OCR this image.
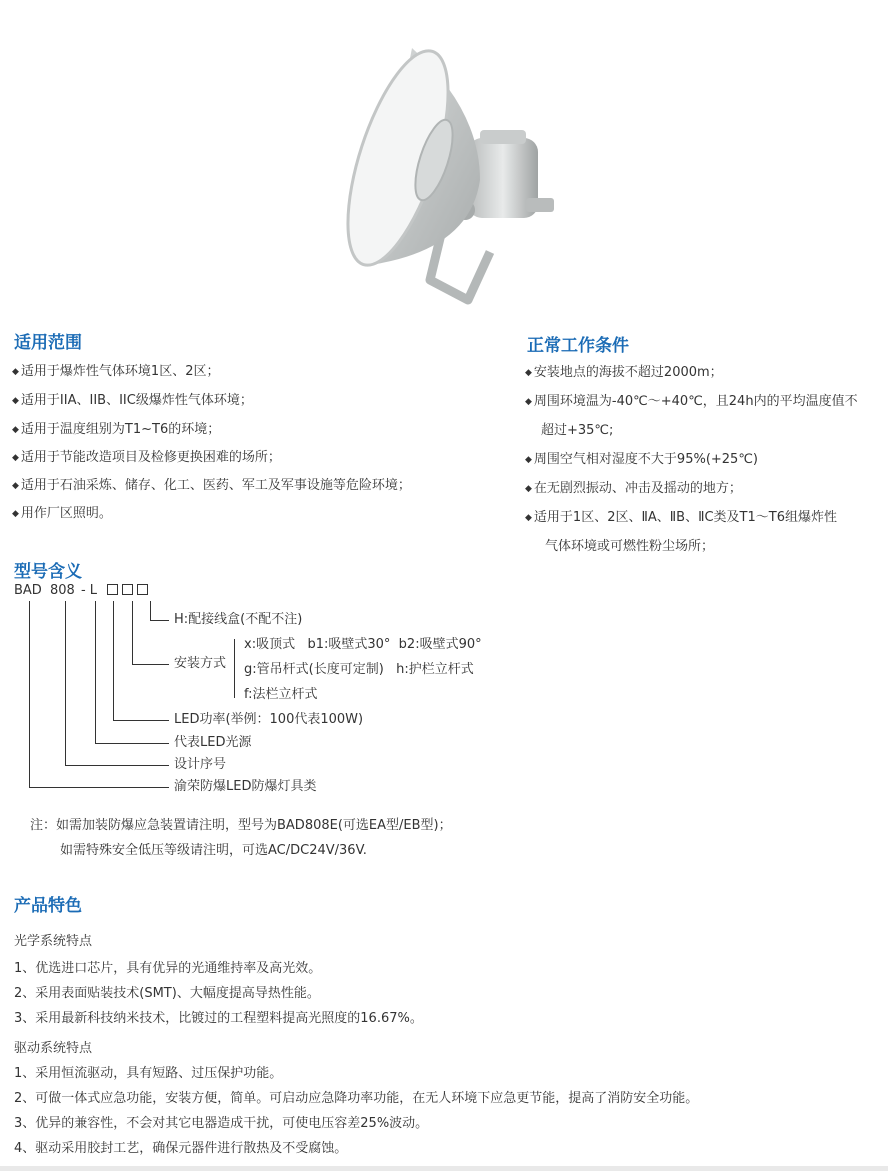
适用范围
◆ 适用于爆炸性气体环境1区、2区；
◆ 适用于IIA、IIB、IIC级爆炸性气体环境；
◆ 适用于温度组别为T1~T6的环境；
◆ 适用于节能改造项目及检修更换困难的场所；
◆ 适用于石油采炼、储存、化工、医药、军工及军事设施等危险环境；
◆ 用作厂区照明。
正常工作条件
◆ 安装地点的海拔不超过2000m；
◆ 周围环境温为-40℃～+40℃，且24h内的平均温度值不
超过+35℃;
◆ 周围空气相对湿度不大于95%(+25℃)
◆ 在无剧烈振动、冲击及摇动的地方；
◆ 适用于1区、2区、ⅡA、ⅡB、ⅡC类及T1～T6组爆炸性
气体环境或可燃性粉尘场所；
型号含义
BAD 808 - L
H:配接线盒(不配不注)
安装方式
x:吸顶式   b1:吸壁式30°  b2:吸壁式90°
g:管吊杆式(长度可定制)   h:护栏立杆式
f:法栏立杆式
LED功率(举例：100代表100W)
代表LED光源
设计序号
渝荣防爆LED防爆灯具类
注：如需加装防爆应急装置请注明，型号为BAD808E(可选EA型/EB型)；
如需特殊安全低压等级请注明，可选AC/DC24V/36V.
产品特色
光学系统特点
1、优选进口芯片，具有优异的光通维持率及高光效。
2、采用表面贴装技术(SMT)、大幅度提高导热性能。
3、采用最新科技纳米技术，比镀过的工程塑料提高光照度的16.67%。
驱动系统特点
1、采用恒流驱动，具有短路、过压保护功能。
2、可做一体式应急功能，安装方便，简单。可启动应急降功率功能，在无人环境下应急更节能，提高了消防安全功能。
3、优异的兼容性，不会对其它电器造成干扰，可使电压容差25%波动。
4、驱动采用胶封工艺，确保元器件进行散热及不受腐蚀。
